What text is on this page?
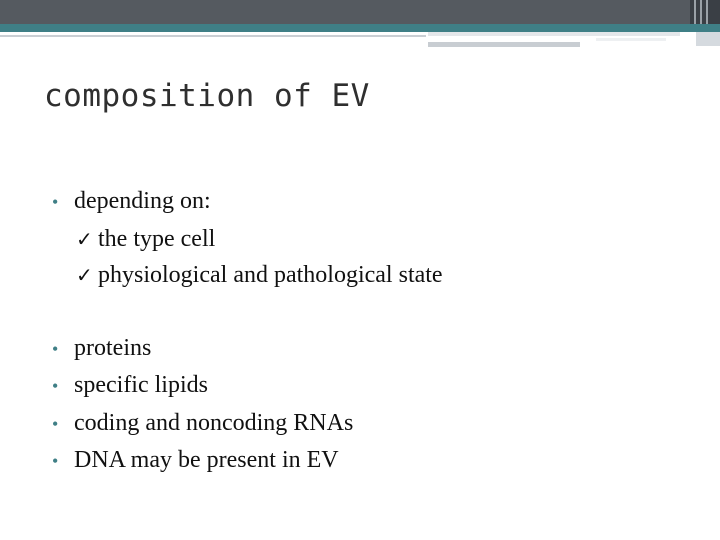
composition of EV
• depending on:
✓ the type cell
✓ physiological and pathological state
• proteins
• specific lipids
• coding and noncoding RNAs
• DNA may be present in EV
